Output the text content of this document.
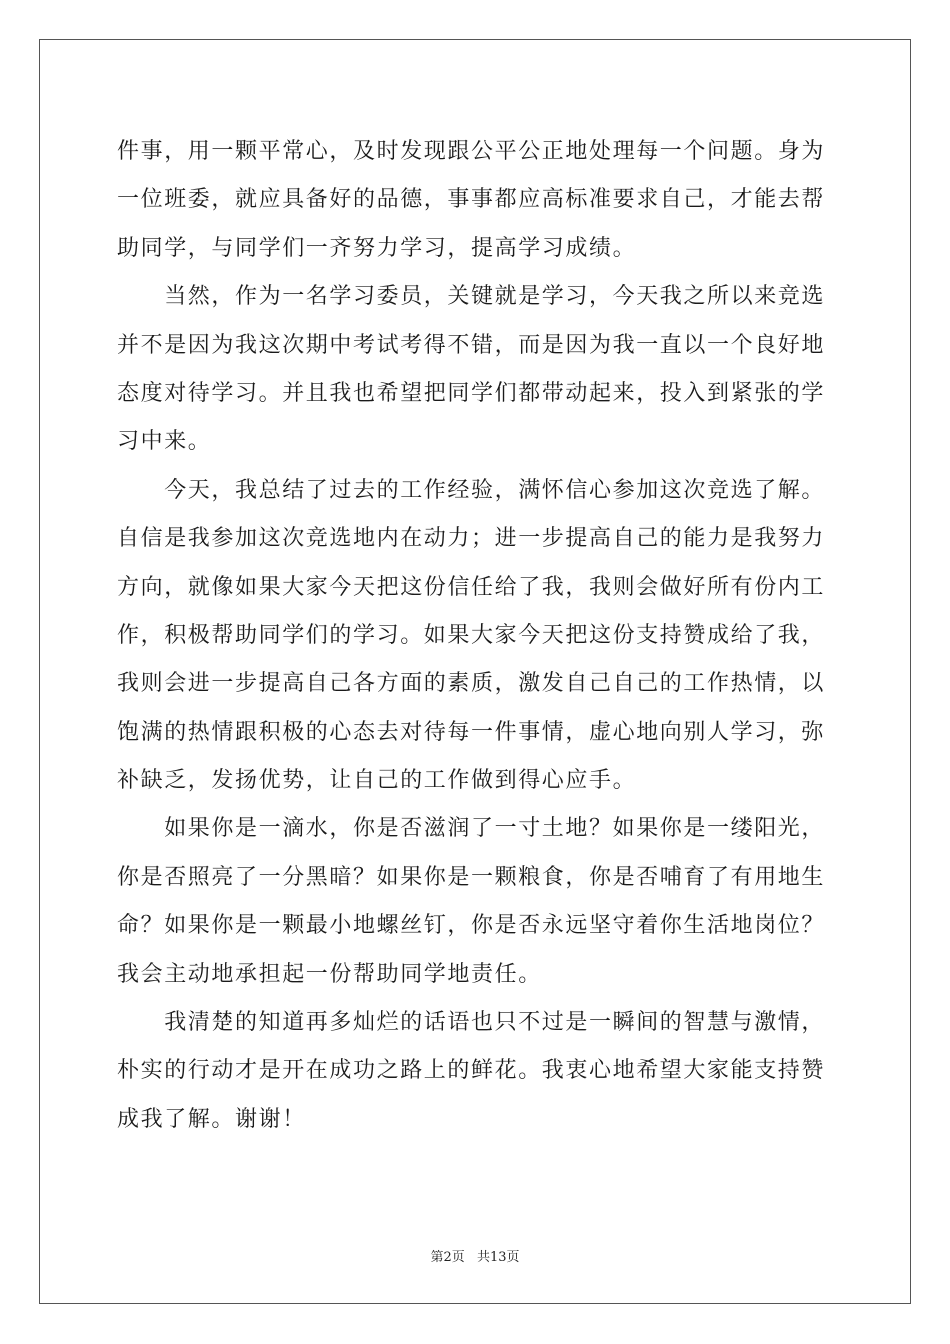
件事，用一颗平常心，及时发现跟公平公正地处理每一个问题。身为
一位班委，就应具备好的品德，事事都应高标准要求自己，才能去帮
助同学，与同学们一齐努力学习，提高学习成绩。
　　当然，作为一名学习委员，关键就是学习，今天我之所以来竞选
并不是因为我这次期中考试考得不错，而是因为我一直以一个良好地
态度对待学习。并且我也希望把同学们都带动起来，投入到紧张的学
习中来。
　　今天，我总结了过去的工作经验，满怀信心参加这次竞选了解。
自信是我参加这次竞选地内在动力；进一步提高自己的能力是我努力
方向，就像如果大家今天把这份信任给了我，我则会做好所有份内工
作，积极帮助同学们的学习。如果大家今天把这份支持赞成给了我，
我则会进一步提高自己各方面的素质，激发自己自己的工作热情，以
饱满的热情跟积极的心态去对待每一件事情，虚心地向别人学习，弥
补缺乏，发扬优势，让自己的工作做到得心应手。
　　如果你是一滴水，你是否滋润了一寸土地？如果你是一缕阳光，
你是否照亮了一分黑暗？如果你是一颗粮食，你是否哺育了有用地生
命？如果你是一颗最小地螺丝钉，你是否永远坚守着你生活地岗位？
我会主动地承担起一份帮助同学地责任。
　　我清楚的知道再多灿烂的话语也只不过是一瞬间的智慧与激情，
朴实的行动才是开在成功之路上的鲜花。我衷心地希望大家能支持赞
成我了解。谢谢！
第2页 共13页
